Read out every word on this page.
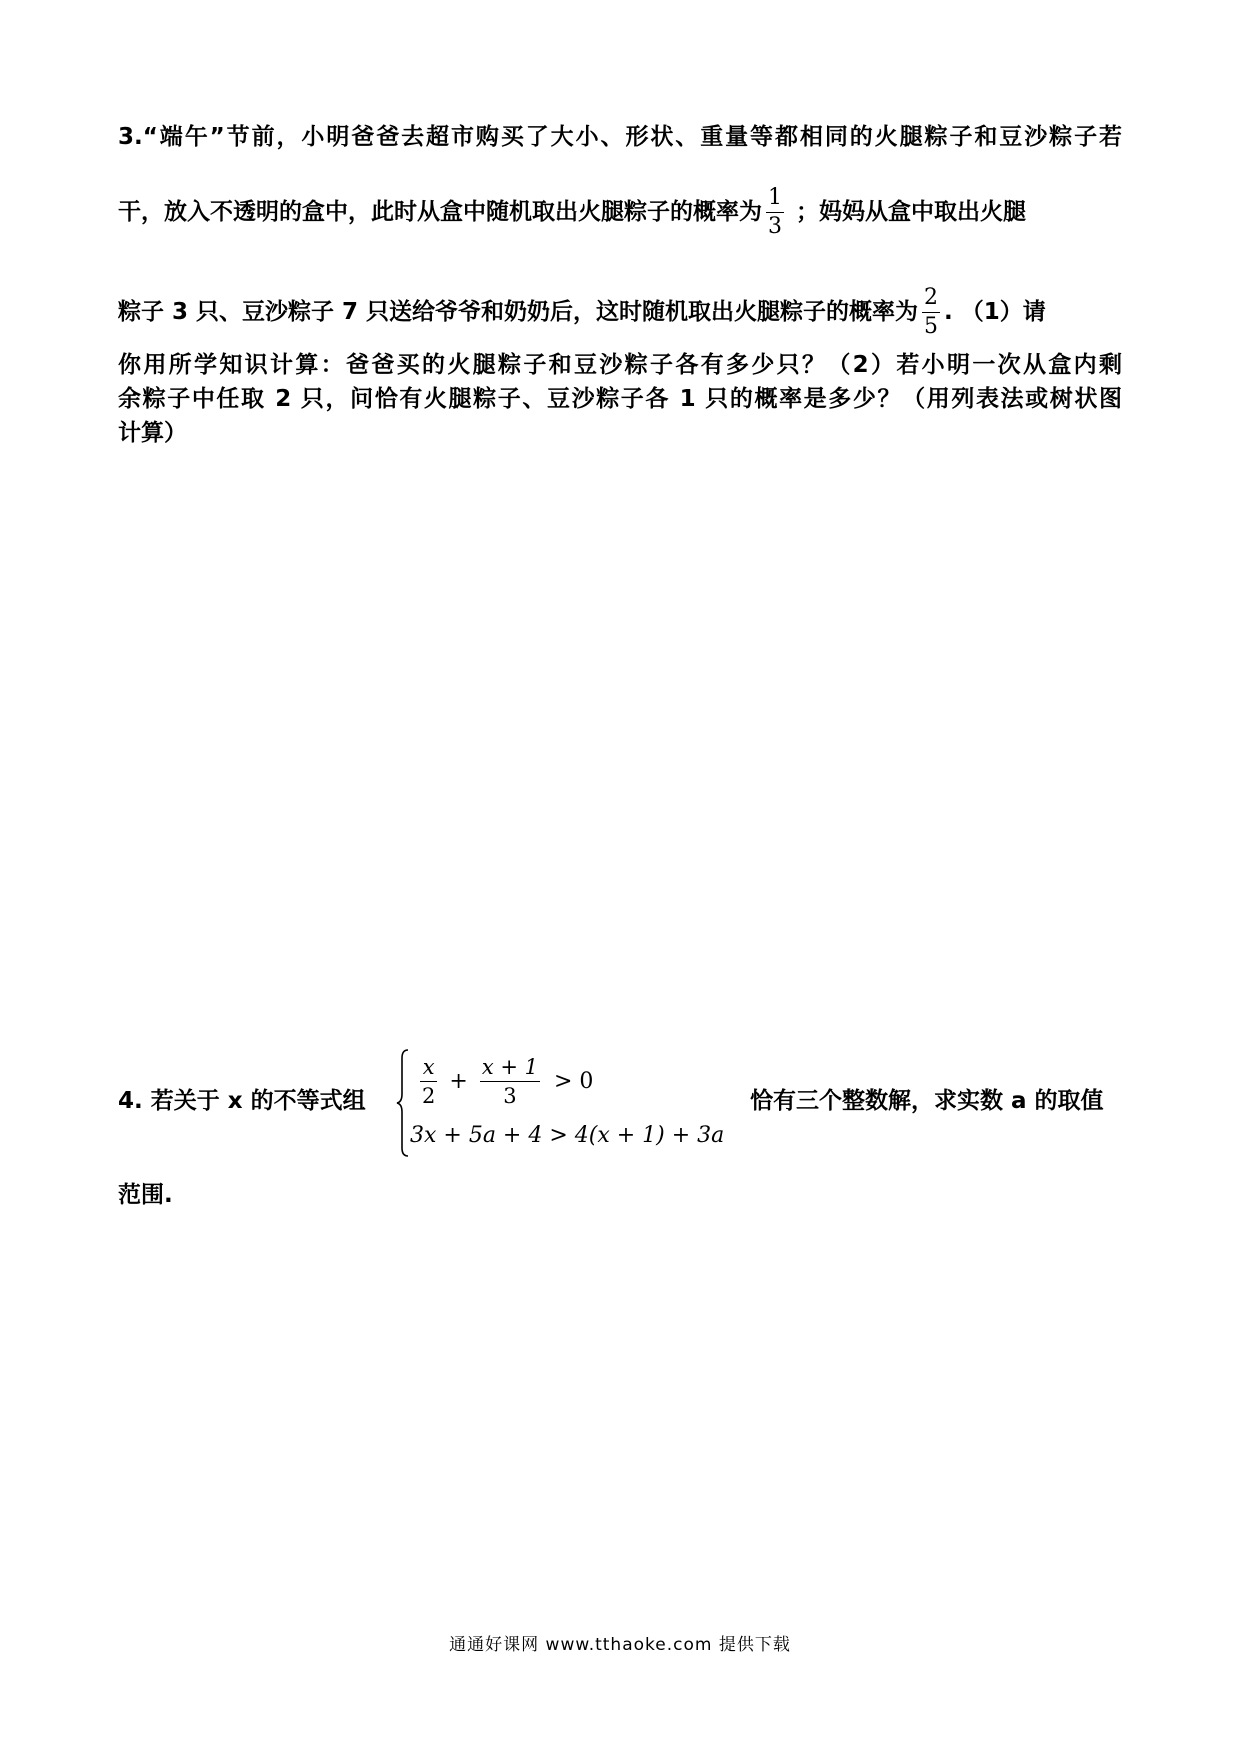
3.“端午”节前，小明爸爸去超市购买了大小、形状、重量等都相同的火腿粽子和豆沙粽子若
干，放入不透明的盒中，此时从盒中随机取出火腿粽子的概率为 $\frac{1}{3}$ ；妈妈从盒中取出火腿
粽子 3 只、豆沙粽子 7 只送给爷爷和奶奶后，这时随机取出火腿粽子的概率为 $\frac{2}{5}$ . （1）请
你用所学知识计算：爸爸买的火腿粽子和豆沙粽子各有多少只？（2）若小明一次从盒内剩
余粽子中任取 2 只，问恰有火腿粽子、豆沙粽子各 1 只的概率是多少？（用列表法或树状图
计算）
4. 若关于 x 的不等式组	$\frac{x}{2} + \frac{x + 1}{3} > 0$
3x + 5a + 4 > 4(x + 1) + 3a
恰有三个整数解，求实数 a 的取值
范围.
通通好课网 www.tthaoke.com 提供下载
